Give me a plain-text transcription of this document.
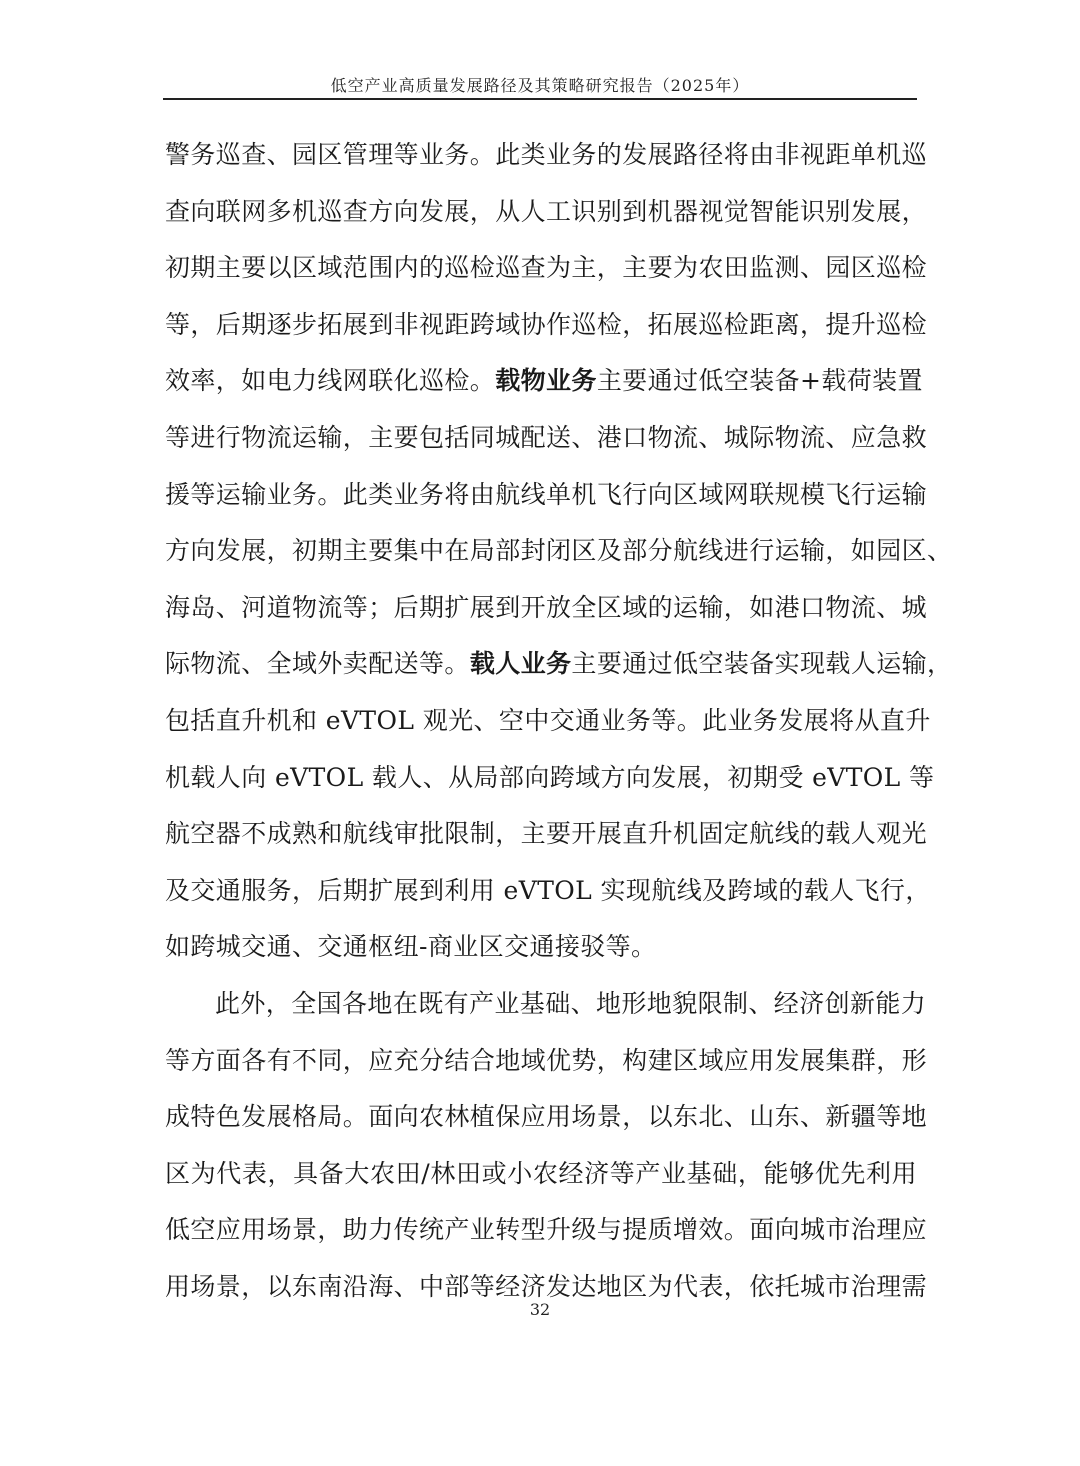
低空产业高质量发展路径及其策略研究报告（2025年）
警务巡查、园区管理等业务。此类业务的发展路径将由非视距单机巡
查向联网多机巡查方向发展，从人工识别到机器视觉智能识别发展，
初期主要以区域范围内的巡检巡查为主，主要为农田监测、园区巡检
等，后期逐步拓展到非视距跨域协作巡检，拓展巡检距离，提升巡检
效率，如电力线网联化巡检。载物业务主要通过低空装备+载荷装置
等进行物流运输，主要包括同城配送、港口物流、城际物流、应急救
援等运输业务。此类业务将由航线单机飞行向区域网联规模飞行运输
方向发展，初期主要集中在局部封闭区及部分航线进行运输，如园区、
海岛、河道物流等；后期扩展到开放全区域的运输，如港口物流、城
际物流、全域外卖配送等。载人业务主要通过低空装备实现载人运输，
包括直升机和 eVTOL 观光、空中交通业务等。此业务发展将从直升
机载人向 eVTOL 载人、从局部向跨域方向发展，初期受 eVTOL 等
航空器不成熟和航线审批限制，主要开展直升机固定航线的载人观光
及交通服务，后期扩展到利用 eVTOL 实现航线及跨域的载人飞行，
如跨城交通、交通枢纽-商业区交通接驳等。
此外，全国各地在既有产业基础、地形地貌限制、经济创新能力
等方面各有不同，应充分结合地域优势，构建区域应用发展集群，形
成特色发展格局。面向农林植保应用场景，以东北、山东、新疆等地
区为代表，具备大农田/林田或小农经济等产业基础，能够优先利用
低空应用场景，助力传统产业转型升级与提质增效。面向城市治理应
用场景，以东南沿海、中部等经济发达地区为代表，依托城市治理需
32
